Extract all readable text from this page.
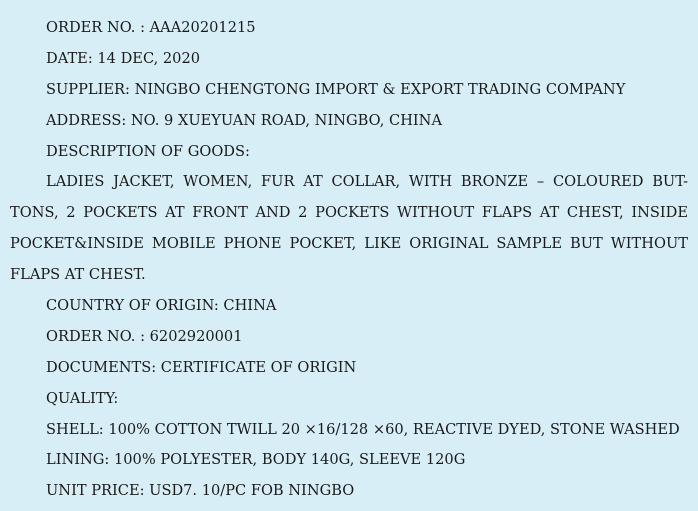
ORDER NO. : AAA20201215
DATE: 14 DEC, 2020
SUPPLIER: NINGBO CHENGTONG IMPORT & EXPORT TRADING COMPANY
ADDRESS: NO. 9 XUEYUAN ROAD, NINGBO, CHINA
DESCRIPTION OF GOODS:
LADIES JACKET, WOMEN, FUR AT COLLAR, WITH BRONZE – COLOURED BUT-
TONS, 2 POCKETS AT FRONT AND 2 POCKETS WITHOUT FLAPS AT CHEST, INSIDE
POCKET&INSIDE MOBILE PHONE POCKET, LIKE ORIGINAL SAMPLE BUT WITHOUT
FLAPS AT CHEST.
COUNTRY OF ORIGIN: CHINA
ORDER NO. : 6202920001
DOCUMENTS: CERTIFICATE OF ORIGIN
QUALITY:
SHELL: 100% COTTON TWILL 20 ×16/128 ×60, REACTIVE DYED, STONE WASHED
LINING: 100% POLYESTER, BODY 140G, SLEEVE 120G
UNIT PRICE: USD7. 10/PC FOB NINGBO
